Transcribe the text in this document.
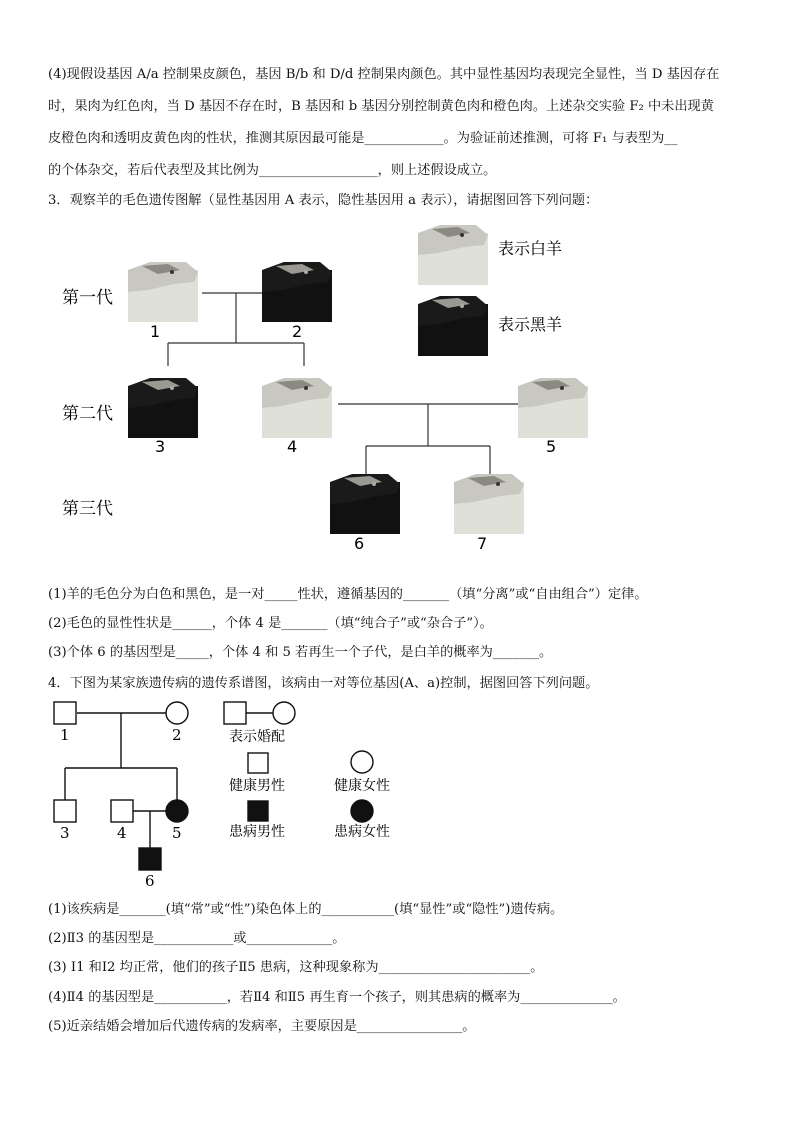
(4)现假设基因 A/a 控制果皮颜色，基因 B/b 和 D/d 控制果肉颜色。其中显性基因均表现完全显性，当 D 基因存在
时，果肉为红色肉，当 D 基因不存在时，B 基因和 b 基因分别控制黄色肉和橙色肉。上述杂交实验 F₂ 中未出现黄
皮橙色肉和透明皮黄色肉的性状，推测其原因最可能是____________。为验证前述推测，可将 F₁ 与表型为__
的个体杂交，若后代表型及其比例为__________________，则上述假设成立。
3．观察羊的毛色遗传图解（显性基因用 A 表示，隐性基因用 a 表示），请据图回答下列问题：
表示白羊
表示黑羊
第一代
第二代
第三代
1	2
3	4	5
6	7
(1)羊的毛色分为白色和黑色，是一对_____性状，遵循基因的_______（填“分离”或“自由组合”）定律。
(2)毛色的显性性状是______，个体 4 是_______（填“纯合子”或“杂合子”）。
(3)个体 6 的基因型是_____，个体 4 和 5 若再生一个子代，是白羊的概率为_______。
4．下图为某家族遗传病的遗传系谱图，该病由一对等位基因(A、a)控制，据图回答下列问题。
1	2
3	4	5
6
表示婚配
健康男性	健康女性
患病男性	患病女性
(1)该疾病是_______(填“常”或“性”)染色体上的___________(填“显性”或“隐性”)遗传病。
(2)Ⅱ3 的基因型是____________或_____________。
(3) Ⅰ1 和Ⅰ2 均正常，他们的孩子Ⅱ5 患病，这种现象称为_______________________。
(4)Ⅱ4 的基因型是___________，若Ⅱ4 和Ⅱ5 再生育一个孩子，则其患病的概率为______________。
(5)近亲结婚会增加后代遗传病的发病率，主要原因是________________。
